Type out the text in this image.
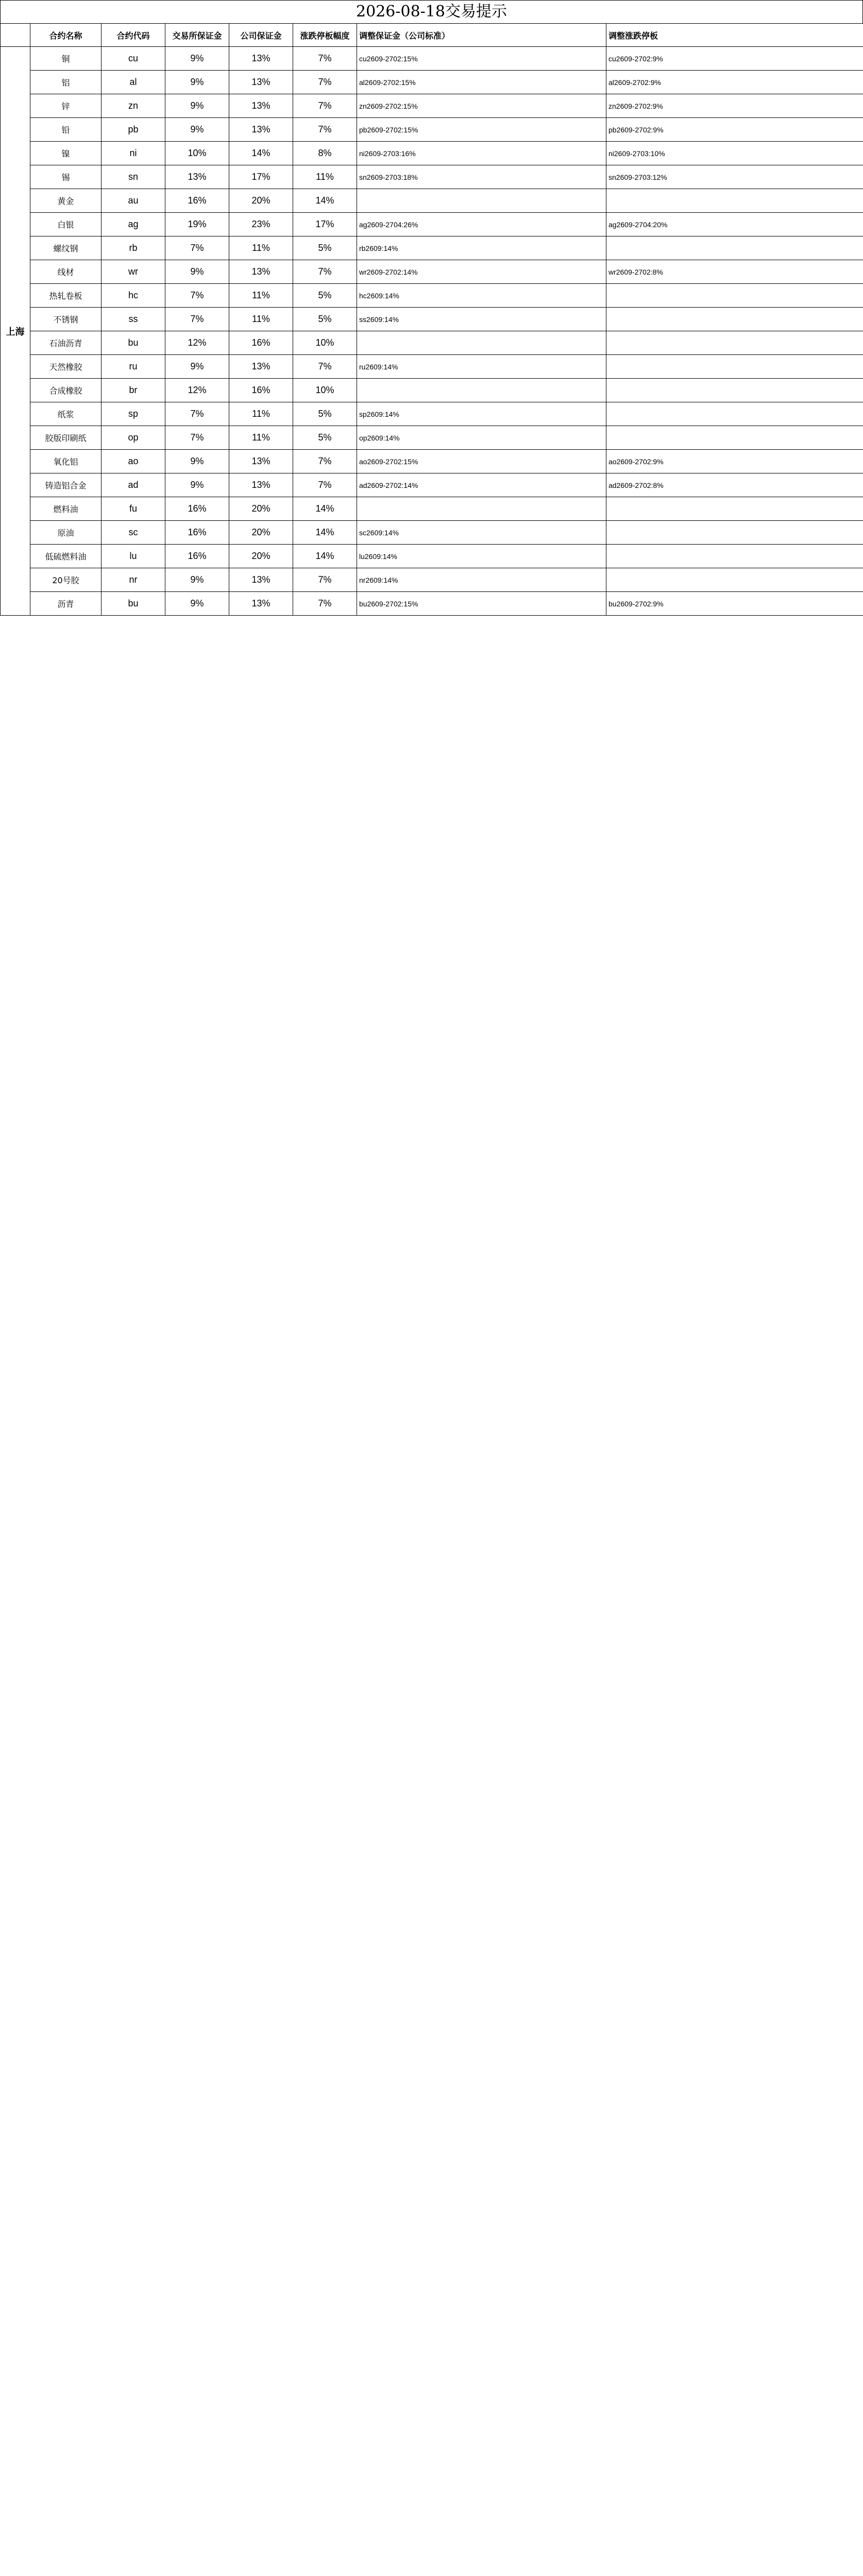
2026-08-18交易提示
	合约名称	合约代码	交易所保证金	公司保证金	涨跌停板幅度	调整保证金（公司标准）	调整涨跌停板
上海	铜	cu	9%	13%	7%	cu2609-2702:15%	cu2609-2702:9%
	铝	al	9%	13%	7%	al2609-2702:15%	al2609-2702:9%
	锌	zn	9%	13%	7%	zn2609-2702:15%	zn2609-2702:9%
	铅	pb	9%	13%	7%	pb2609-2702:15%	pb2609-2702:9%
	镍	ni	10%	14%	8%	ni2609-2703:16%	ni2609-2703:10%
	锡	sn	13%	17%	11%	sn2609-2703:18%	sn2609-2703:12%
	黄金	au	16%	20%	14%		
	白银	ag	19%	23%	17%	ag2609-2704:26%	ag2609-2704:20%
	螺纹钢	rb	7%	11%	5%	rb2609:14%	
	线材	wr	9%	13%	7%	wr2609-2702:14%	wr2609-2702:8%
	热轧卷板	hc	7%	11%	5%	hc2609:14%	
	不锈钢	ss	7%	11%	5%	ss2609:14%	
	石油沥青	bu	12%	16%	10%		
	天然橡胶	ru	9%	13%	7%	ru2609:14%	
	合成橡胶	br	12%	16%	10%		
	纸浆	sp	7%	11%	5%	sp2609:14%	
	胶版印刷纸	op	7%	11%	5%	op2609:14%	
	氧化铝	ao	9%	13%	7%	ao2609-2702:15%	ao2609-2702:9%
	铸造铝合金	ad	9%	13%	7%	ad2609-2702:14%	ad2609-2702:8%
	燃料油	fu	16%	20%	14%		
	原油	sc	16%	20%	14%	sc2609:14%	
	低硫燃料油	lu	16%	20%	14%	lu2609:14%	
	20号胶	nr	9%	13%	7%	nr2609:14%	
	沥青	bu	9%	13%	7%	bu2609-2702:15%	bu2609-2702:9%
